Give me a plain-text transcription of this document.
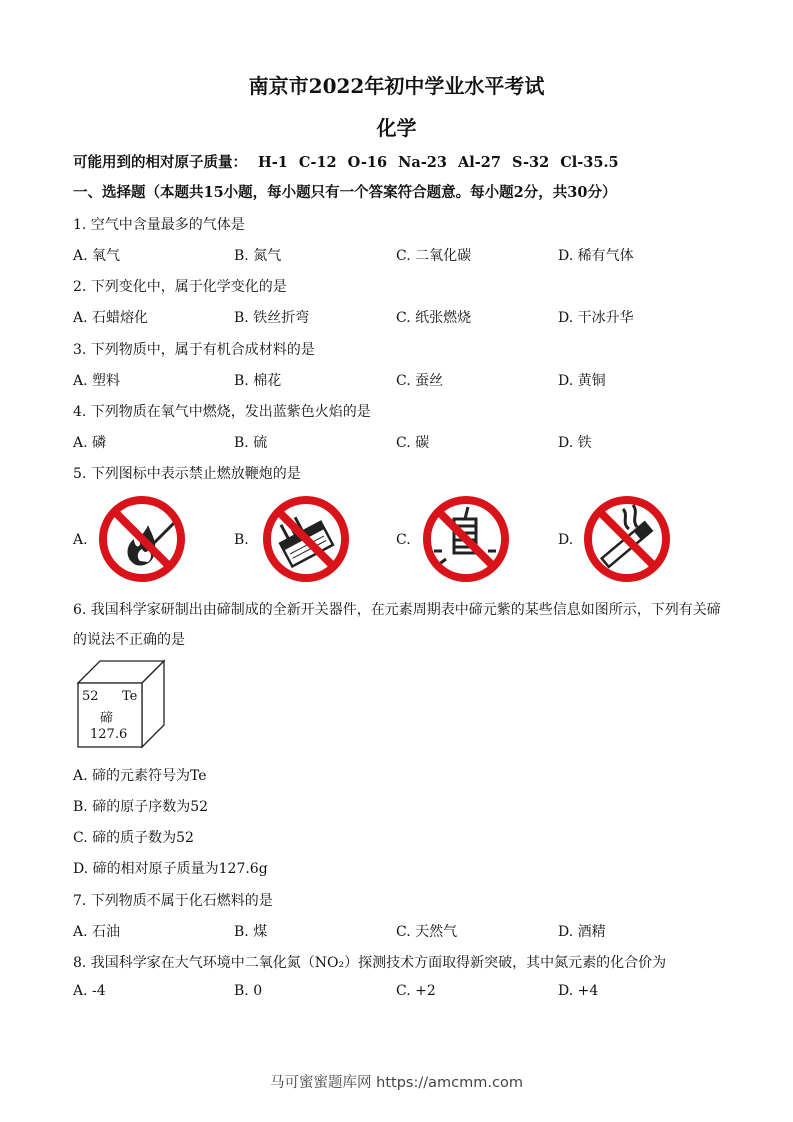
南京市2022年初中学业水平考试
化学
可能用到的相对原子质量： H-1 C-12 O-16 Na-23 Al-27 S-32 Cl-35.5
一、选择题（本题共15小题，每小题只有一个答案符合题意。每小题2分，共30分）
1. 空气中含量最多的气体是
A. 氧气	B. 氮气	C. 二氧化碳	D. 稀有气体
2. 下列变化中，属于化学变化的是
A. 石蜡熔化	B. 铁丝折弯	C. 纸张燃烧	D. 干冰升华
3. 下列物质中，属于有机合成材料的是
A. 塑料	B. 棉花	C. 蚕丝	D. 黄铜
4. 下列物质在氧气中燃烧，发出蓝紫色火焰的是
A. 磷	B. 硫	C. 碳	D. 铁
5. 下列图标中表示禁止燃放鞭炮的是
A.	B.	C.	D.
6. 我国科学家研制出由碲制成的全新开关器件，在元素周期表中碲元紫的某些信息如图所示，下列有关碲
的说法不正确的是
52 Te
碲
127.6
A. 碲的元素符号为Te
B. 碲的原子序数为52
C. 碲的质子数为52
D. 碲的相对原子质量为127.6g
7. 下列物质不属于化石燃料的是
A. 石油	B. 煤	C. 天然气	D. 酒精
8. 我国科学家在大气环境中二氧化氮（NO₂）探测技术方面取得新突破，其中氮元素的化合价为
A. -4	B. 0	C. +2	D. +4
马可蜜蜜题库网 https://amcmm.com
